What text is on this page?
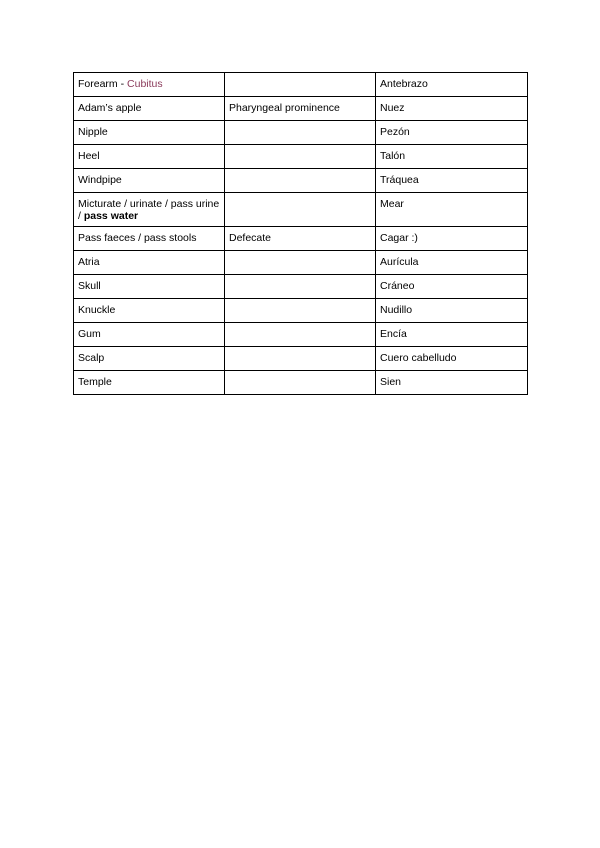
Forearm - Cubitus		Antebrazo
Adam’s apple	Pharyngeal prominence	Nuez
Nipple		Pezón
Heel		Talón
Windpipe		Tráquea
Micturate / urinate / pass urine / pass water		Mear
Pass faeces / pass stools	Defecate	Cagar :)
Atria		Aurícula
Skull		Cráneo
Knuckle		Nudillo
Gum		Encía
Scalp		Cuero cabelludo
Temple		Sien
